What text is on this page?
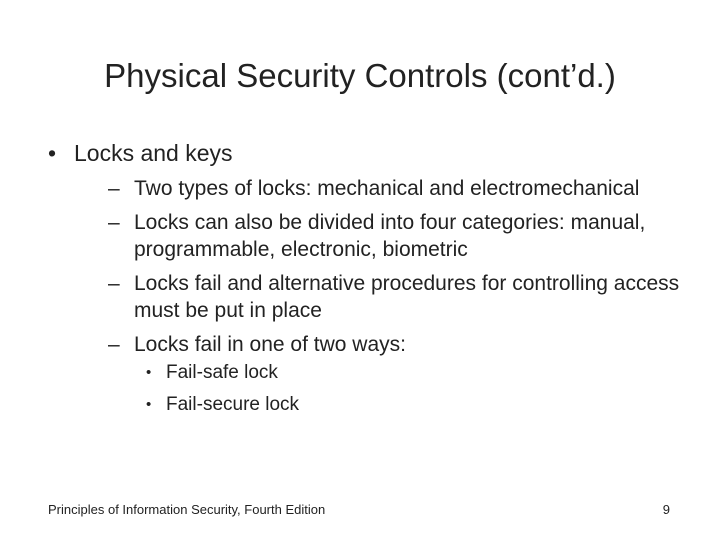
Physical Security Controls (cont’d.)
• Locks and keys
– Two types of locks: mechanical and electromechanical
– Locks can also be divided into four categories: manual, programmable, electronic, biometric
– Locks fail and alternative procedures for controlling access must be put in place
– Locks fail in one of two ways:
• Fail-safe lock
• Fail-secure lock
Principles of Information Security, Fourth Edition	9
